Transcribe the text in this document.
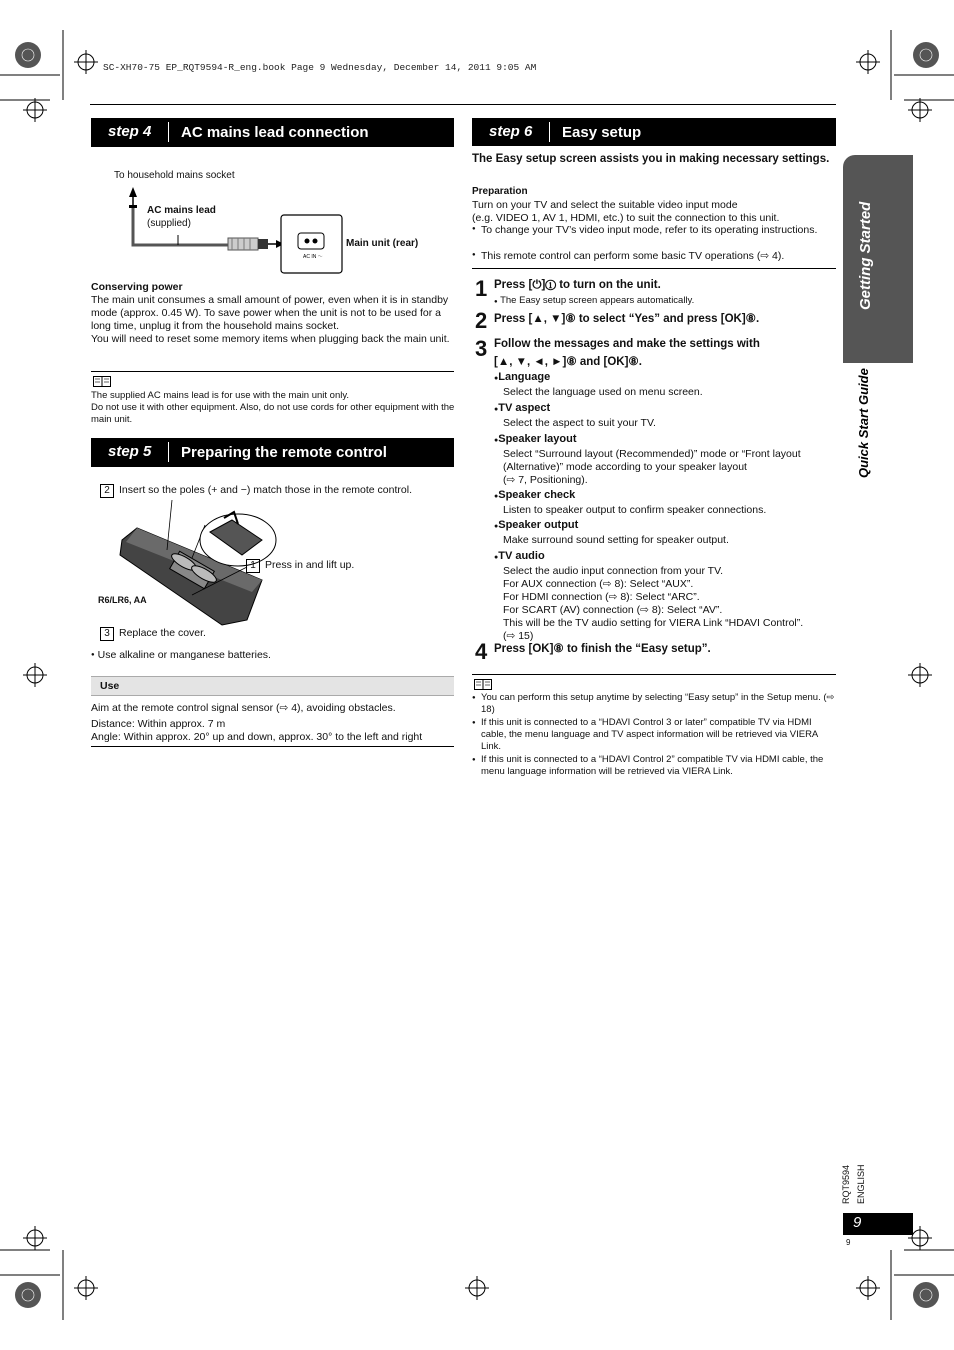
SC-XH70-75 EP_RQT9594-R_eng.book Page 9 Wednesday, December 14, 2011 9:05 AM
Getting Started
Quick Start Guide
RQT9594 ENGLISH
9
9
step 4	AC mains lead connection
To household mains socket
AC IN ～
AC mains lead
(supplied)
Main unit (rear)
Conserving power
The main unit consumes a small amount of power, even when it is in standby mode (approx. 0.45 W). To save power when the unit is not to be used for a long time, unplug it from the household mains socket.
You will need to reset some memory items when plugging back the main unit.
The supplied AC mains lead is for use with the main unit only.
Do not use it with other equipment. Also, do not use cords for other equipment with the main unit.
step 5	Preparing the remote control
2 Insert so the poles (+ and −) match those in the remote control.
1 Press in and lift up.
R6/LR6, AA
3 Replace the cover.
● Use alkaline or manganese batteries.
Use
Aim at the remote control signal sensor (⇨ 4), avoiding obstacles.
Distance: Within approx. 7 m
Angle: Within approx. 20° up and down, approx. 30° to the left and right
step 6	Easy setup
The Easy setup screen assists you in making necessary settings.
Preparation
Turn on your TV and select the suitable video input mode
(e.g. VIDEO 1, AV 1, HDMI, etc.) to suit the connection to this unit.
● To change your TV’s video input mode, refer to its operating instructions.
● This remote control can perform some basic TV operations (⇨ 4).
1 Press [⏻]① to turn on the unit.
● The Easy setup screen appears automatically.
2 Press [▲, ▼]⑧ to select “Yes” and press [OK]⑧.
3 Follow the messages and make the settings with
[▲, ▼, ◄, ►]⑧ and [OK]⑧.
●Language
Select the language used on menu screen.
●TV aspect
Select the aspect to suit your TV.
●Speaker layout
Select “Surround layout (Recommended)” mode or “Front layout
(Alternative)” mode according to your speaker layout
(⇨ 7, Positioning).
●Speaker check
Listen to speaker output to confirm speaker connections.
●Speaker output
Make surround sound setting for speaker output.
●TV audio
Select the audio input connection from your TV.
For AUX connection (⇨ 8): Select “AUX”.
For HDMI connection (⇨ 8): Select “ARC”.
For SCART (AV) connection (⇨ 8): Select “AV”.
This will be the TV audio setting for VIERA Link “HDAVI Control”.
(⇨ 15)
4 Press [OK]⑧ to finish the “Easy setup”.
● You can perform this setup anytime by selecting “Easy setup” in the Setup menu. (⇨ 18)
● If this unit is connected to a “HDAVI Control 3 or later” compatible TV via HDMI cable, the menu language and TV aspect information will be retrieved via VIERA Link.
● If this unit is connected to a “HDAVI Control 2” compatible TV via HDMI cable, the menu language information will be retrieved via VIERA Link.
